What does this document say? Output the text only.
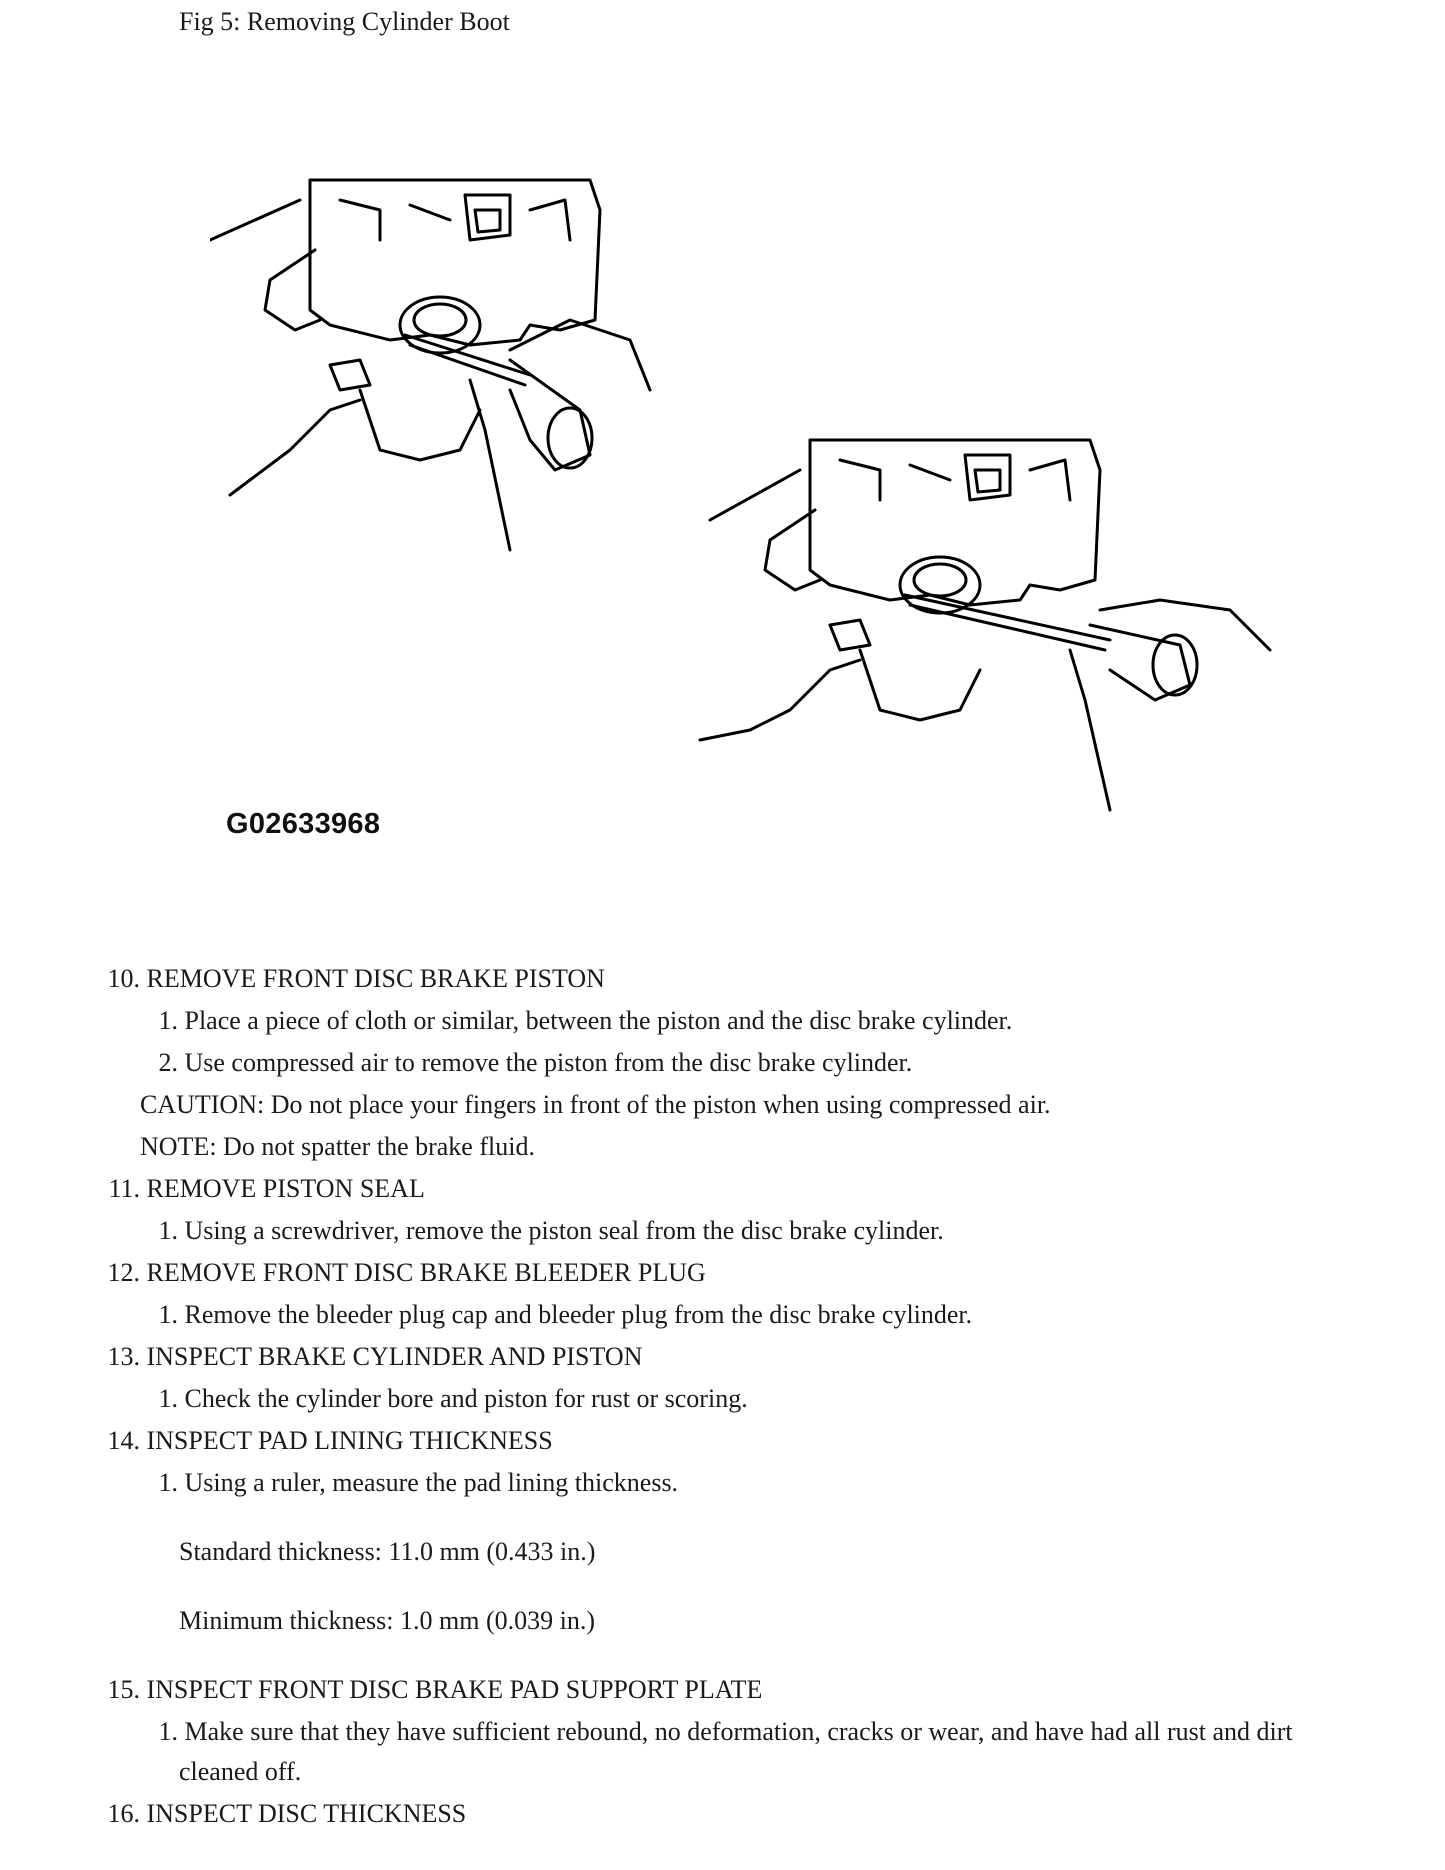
Fig 5: Removing Cylinder Boot
G02633968
10. REMOVE FRONT DISC BRAKE PISTON
1. Place a piece of cloth or similar, between the piston and the disc brake cylinder.
2. Use compressed air to remove the piston from the disc brake cylinder.
CAUTION: Do not place your fingers in front of the piston when using compressed air.
NOTE: Do not spatter the brake fluid.
11. REMOVE PISTON SEAL
1. Using a screwdriver, remove the piston seal from the disc brake cylinder.
12. REMOVE FRONT DISC BRAKE BLEEDER PLUG
1. Remove the bleeder plug cap and bleeder plug from the disc brake cylinder.
13. INSPECT BRAKE CYLINDER AND PISTON
1. Check the cylinder bore and piston for rust or scoring.
14. INSPECT PAD LINING THICKNESS
1. Using a ruler, measure the pad lining thickness.
Standard thickness: 11.0 mm (0.433 in.)
Minimum thickness: 1.0 mm (0.039 in.)
15. INSPECT FRONT DISC BRAKE PAD SUPPORT PLATE
1. Make sure that they have sufficient rebound, no deformation, cracks or wear, and have had all rust and dirt
cleaned off.
16. INSPECT DISC THICKNESS
